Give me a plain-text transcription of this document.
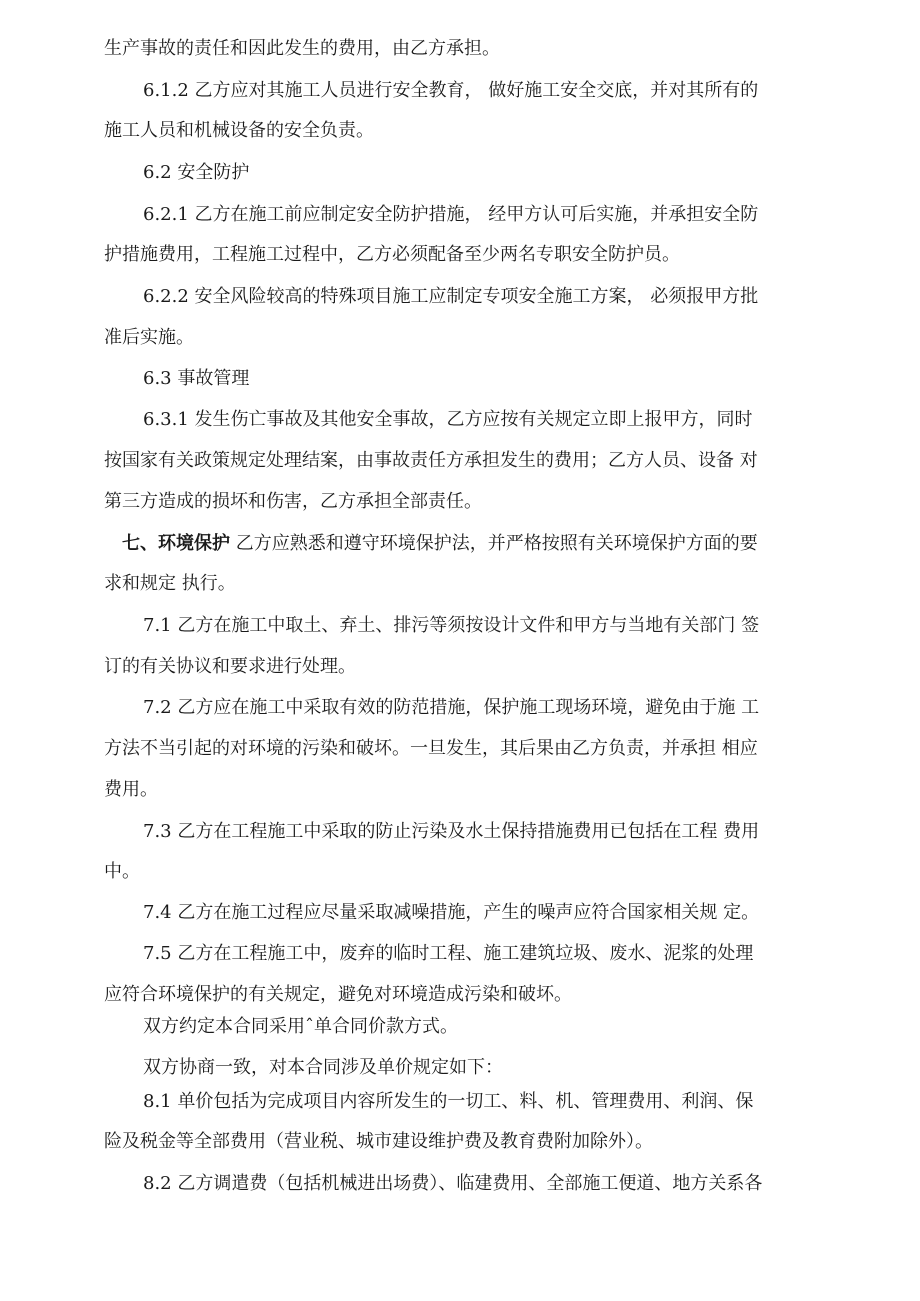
生产事故的责任和因此发生的费用，由乙方承担。
6.1.2 乙方应对其施工人员进行安全教育， 做好施工安全交底，并对其所有的
施工人员和机械设备的安全负责。
6.2 安全防护
6.2.1 乙方在施工前应制定安全防护措施， 经甲方认可后实施，并承担安全防
护措施费用，工程施工过程中，乙方必须配备至少两名专职安全防护员。
6.2.2 安全风险较高的特殊项目施工应制定专项安全施工方案， 必须报甲方批
准后实施。
6.3 事故管理
6.3.1 发生伤亡事故及其他安全事故，乙方应按有关规定立即上报甲方，同时
按国家有关政策规定处理结案，由事故责任方承担发生的费用；乙方人员、设备 对
第三方造成的损坏和伤害，乙方承担全部责任。
七、环境保护 乙方应熟悉和遵守环境保护法，并严格按照有关环境保护方面的要
求和规定 执行。
7.1 乙方在施工中取土、弃土、排污等须按设计文件和甲方与当地有关部门 签
订的有关协议和要求进行处理。
7.2 乙方应在施工中采取有效的防范措施，保护施工现场环境，避免由于施 工
方法不当引起的对环境的污染和破坏。一旦发生，其后果由乙方负责，并承担 相应
费用。
7.3 乙方在工程施工中采取的防止污染及水土保持措施费用已包括在工程 费用
中。
7.4 乙方在施工过程应尽量采取减噪措施，产生的噪声应符合国家相关规 定。
7.5 乙方在工程施工中，废弃的临时工程、施工建筑垃圾、废水、泥浆的处理
应符合环境保护的有关规定，避免对环境造成污染和破坏。
双方约定本合同采用ˆ单合同价款方式。
双方协商一致，对本合同涉及单价规定如下：
8.1 单价包括为完成项目内容所发生的一切工、料、机、管理费用、利润、保
险及税金等全部费用（营业税、城市建设维护费及教育费附加除外）。
8.2 乙方调遣费（包括机械进出场费）、临建费用、全部施工便道、地方关系各
